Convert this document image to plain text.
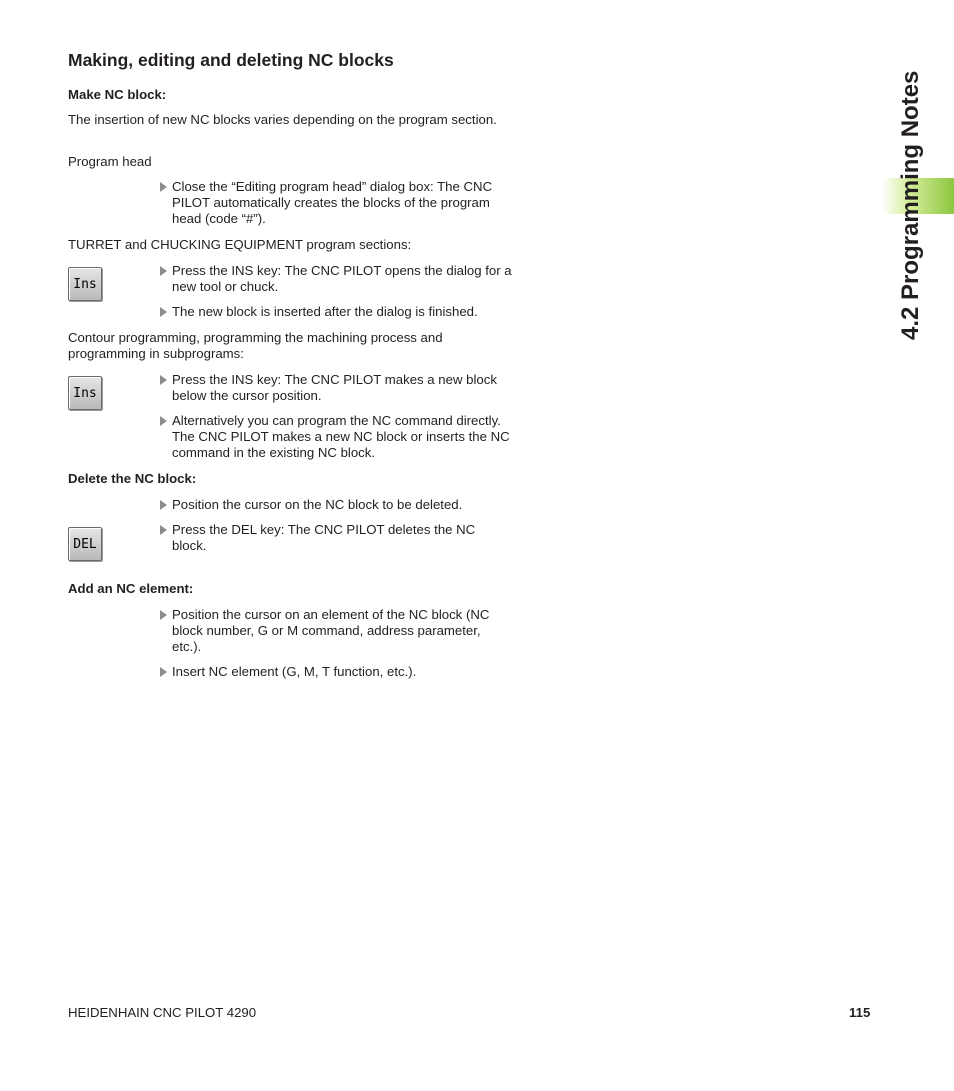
Making, editing and deleting NC blocks
Make NC block:
The insertion of new NC blocks varies depending on the program section.
Program head
Close the “Editing program head” dialog box: The CNC PILOT automatically creates the blocks of the program head (code “#”).
TURRET and CHUCKING EQUIPMENT program sections:
Ins
Press the INS key: The CNC PILOT opens the dialog for a new tool or chuck.
The new block is inserted after the dialog is finished.
Contour programming, programming the machining process and programming in subprograms:
Ins
Press the INS key: The CNC PILOT makes a new block below the cursor position.
Alternatively you can program the NC command directly. The CNC PILOT makes a new NC block or inserts the NC command in the existing NC block.
Delete the NC block:
Position the cursor on the NC block to be deleted.
DEL
Press the DEL key: The CNC PILOT deletes the NC block.
Add an NC element:
Position the cursor on an element of the NC block (NC block number, G or M command, address parameter, etc.).
Insert NC element (G, M, T function, etc.).
4.2 Programming Notes
HEIDENHAIN CNC PILOT 4290	115
